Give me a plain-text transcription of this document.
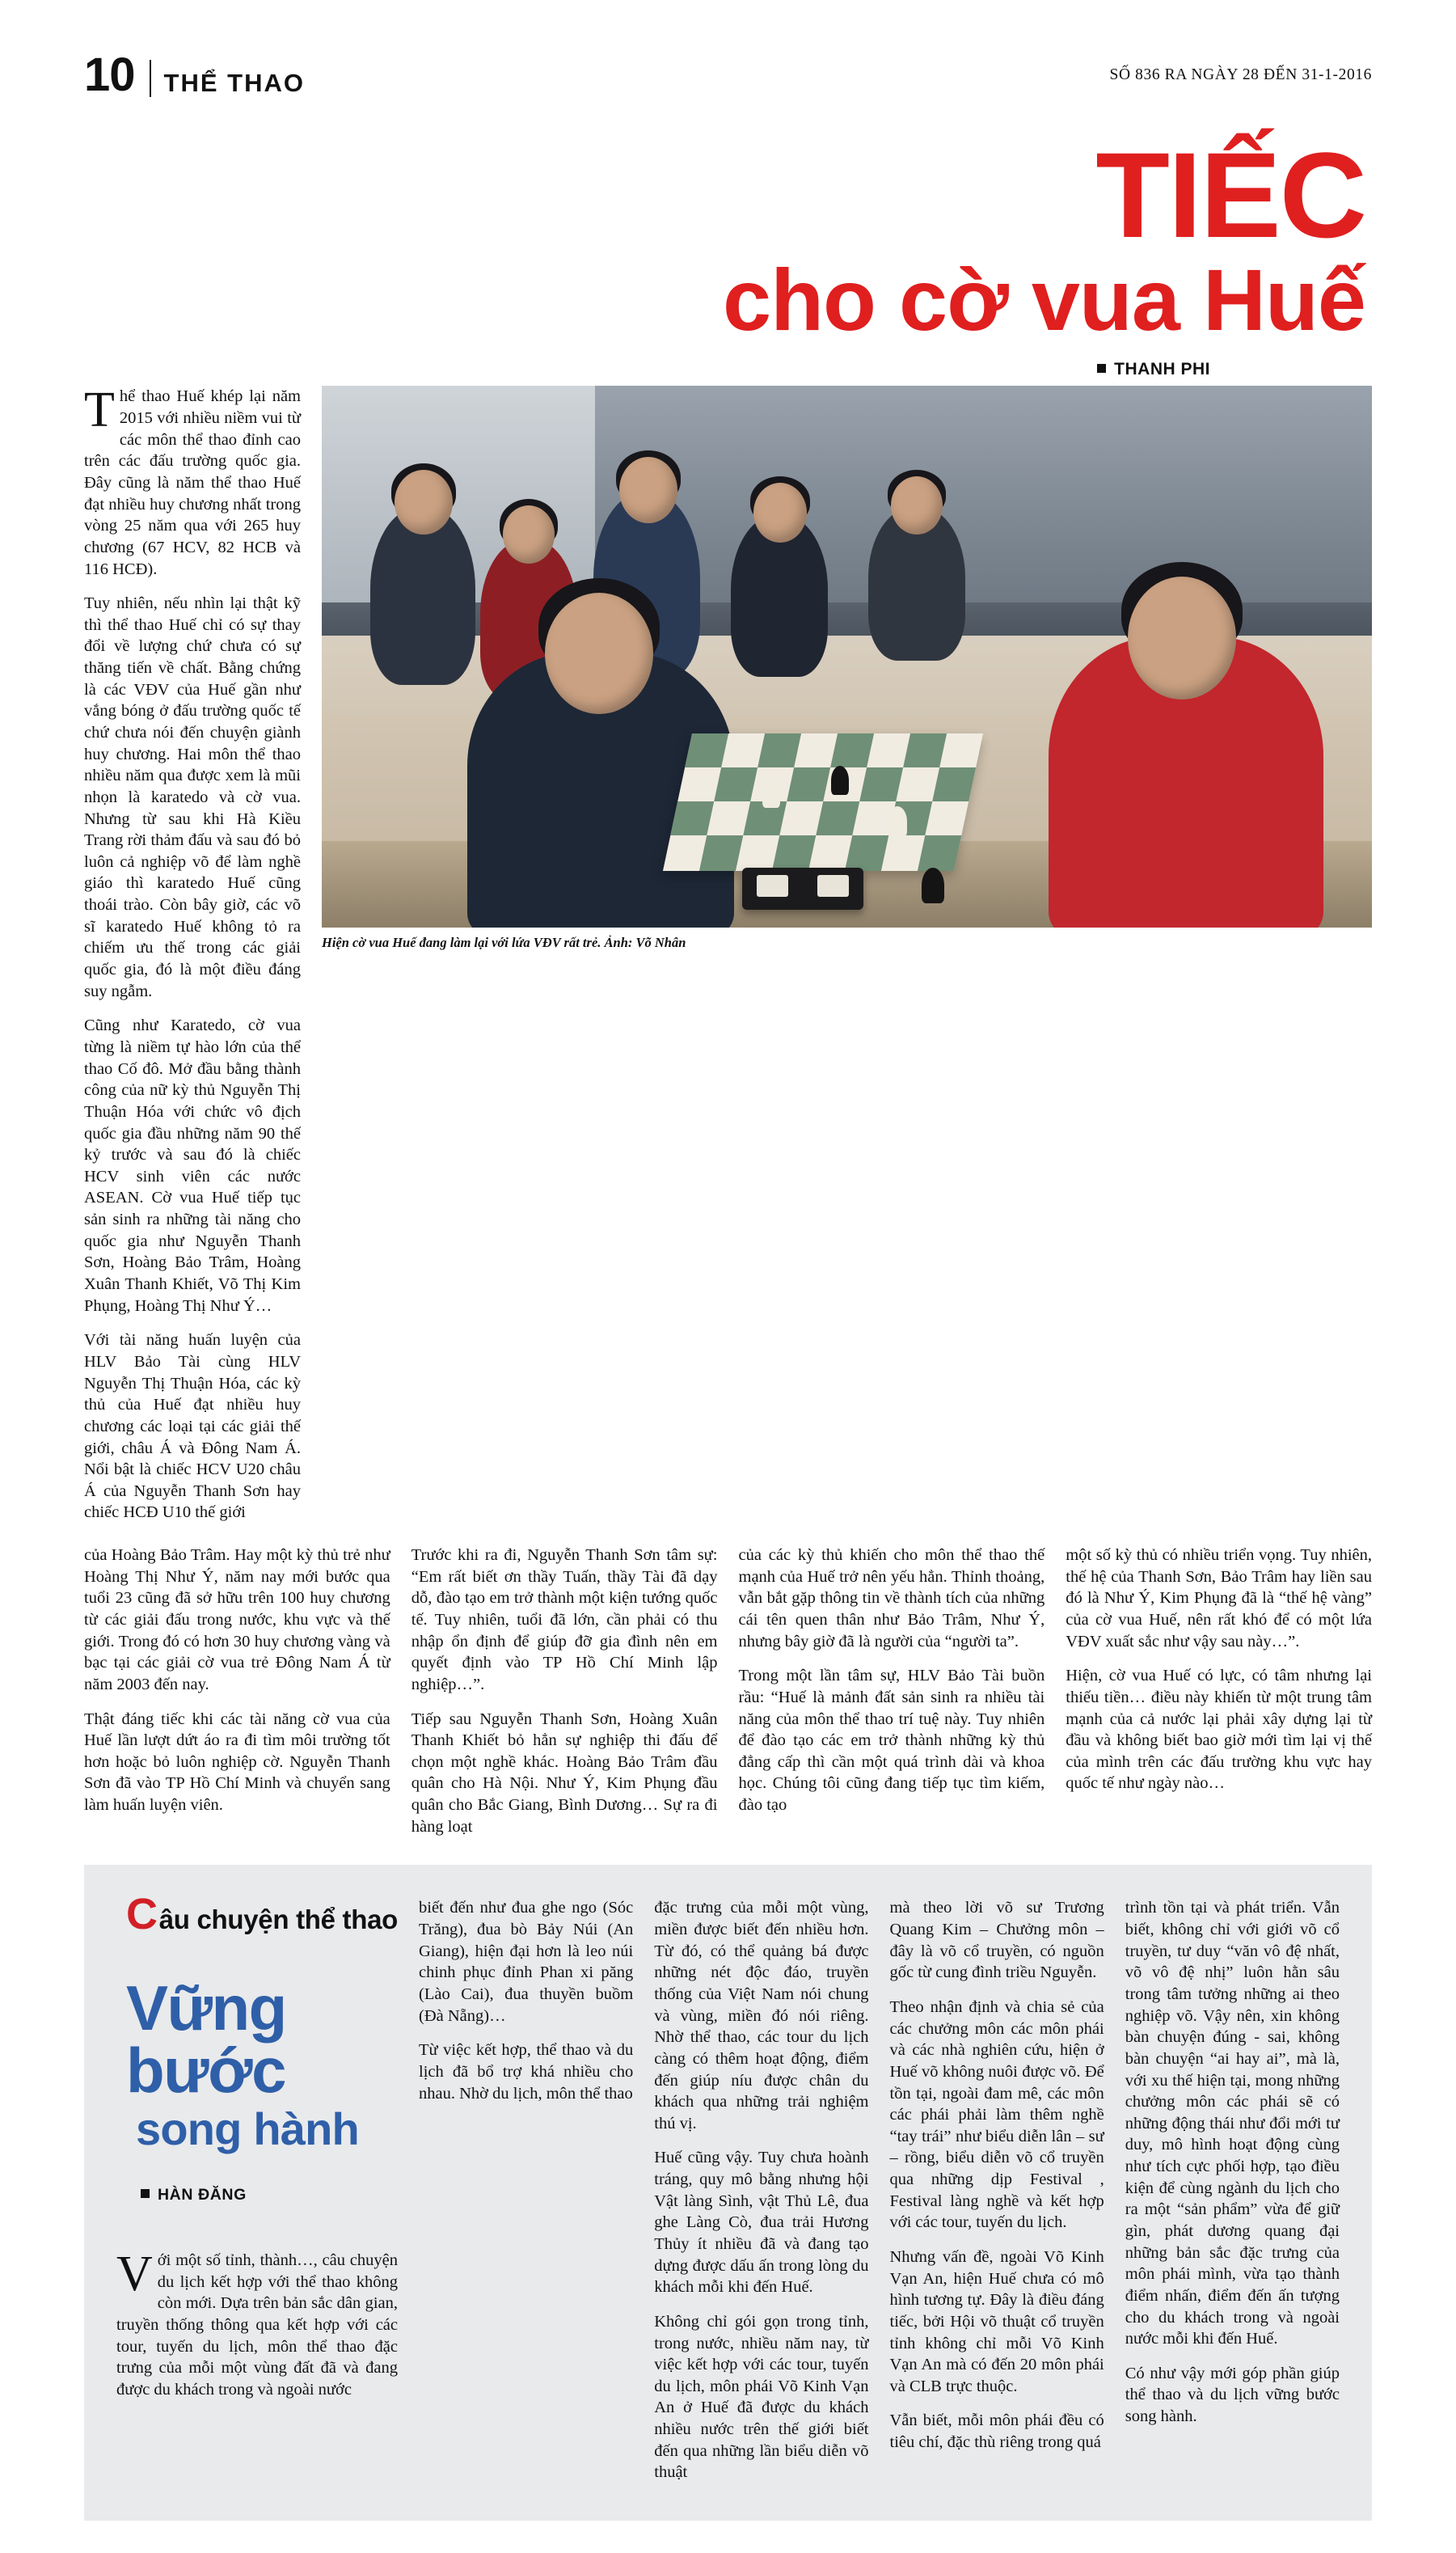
10 THỂ THAO	SỐ 836 RA NGÀY 28 ĐẾN 31-1-2016
TIẾC
cho cờ vua Huế
THANH PHI

Thể thao Huế khép lại năm 2015 với nhiều niềm vui từ các môn thể thao đỉnh cao trên các đấu trường quốc gia. Đây cũng là năm thể thao Huế đạt nhiều huy chương nhất trong vòng 25 năm qua với 265 huy chương (67 HCV, 82 HCB và 116 HCĐ).

Tuy nhiên, nếu nhìn lại thật kỹ thì thể thao Huế chỉ có sự thay đổi về lượng chứ chưa có sự thăng tiến về chất. Bằng chứng là các VĐV của Huế gần như vắng bóng ở đấu trường quốc tế chứ chưa nói đến chuyện giành huy chương. Hai môn thể thao nhiều năm qua được xem là mũi nhọn là karatedo và cờ vua. Nhưng từ sau khi Hà Kiều Trang rời thảm đấu và sau đó bỏ luôn cả nghiệp võ để làm nghề giáo thì karatedo Huế cũng thoái trào. Còn bây giờ, các võ sĩ karatedo Huế không tỏ ra chiếm ưu thế trong các giải quốc gia, đó là một điều đáng suy ngẫm.

Cũng như Karatedo, cờ vua từng là niềm tự hào lớn của thể thao Cố đô. Mở đầu bằng thành công của nữ kỳ thủ Nguyễn Thị Thuận Hóa với chức vô địch quốc gia đầu những năm 90 thế kỷ trước và sau đó là chiếc HCV sinh viên các nước ASEAN. Cờ vua Huế tiếp tục sản sinh ra những tài năng cho quốc gia như Nguyễn Thanh Sơn, Hoàng Bảo Trâm, Hoàng Xuân Thanh Khiết, Võ Thị Kim Phụng, Hoàng Thị Như Ý…

Với tài năng huấn luyện của HLV Bảo Tài cùng HLV Nguyễn Thị Thuận Hóa, các kỳ thủ của Huế đạt nhiều huy chương các loại tại các giải thế giới, châu Á và Đông Nam Á. Nổi bật là chiếc HCV U20 châu Á của Nguyễn Thanh Sơn hay chiếc HCĐ U10 thế giới

Hiện cờ vua Huế đang làm lại với lứa VĐV rất trẻ. Ảnh: Võ Nhân

của Hoàng Bảo Trâm. Hay một kỳ thủ trẻ như Hoàng Thị Như Ý, năm nay mới bước qua tuổi 23 cũng đã sở hữu trên 100 huy chương từ các giải đấu trong nước, khu vực và thế giới. Trong đó có hơn 30 huy chương vàng và bạc tại các giải cờ vua trẻ Đông Nam Á từ năm 2003 đến nay.

Thật đáng tiếc khi các tài năng cờ vua của Huế lần lượt dứt áo ra đi tìm môi trường tốt hơn hoặc bỏ luôn nghiệp cờ. Nguyễn Thanh Sơn đã vào TP Hồ Chí Minh và chuyển sang làm huấn luyện viên.

Trước khi ra đi, Nguyễn Thanh Sơn tâm sự: “Em rất biết ơn thầy Tuấn, thầy Tài đã dạy dỗ, đào tạo em trở thành một kiện tướng quốc tế. Tuy nhiên, tuổi đã lớn, cần phải có thu nhập ổn định để giúp đỡ gia đình nên em quyết định vào TP Hồ Chí Minh lập nghiệp…”.

Tiếp sau Nguyễn Thanh Sơn, Hoàng Xuân Thanh Khiết bỏ hẳn sự nghiệp thi đấu để chọn một nghề khác. Hoàng Bảo Trâm đầu quân cho Hà Nội. Như Ý, Kim Phụng đầu quân cho Bắc Giang, Bình Dương… Sự ra đi hàng loạt

của các kỳ thủ khiến cho môn thể thao thế mạnh của Huế trở nên yếu hẳn. Thỉnh thoảng, vẫn bắt gặp thông tin về thành tích của những cái tên quen thân như Bảo Trâm, Như Ý, nhưng bây giờ đã là người của “người ta”.

Trong một lần tâm sự, HLV Bảo Tài buồn rầu: “Huế là mảnh đất sản sinh ra nhiều tài năng của môn thể thao trí tuệ này. Tuy nhiên để đào tạo các em trở thành những kỳ thủ đẳng cấp thì cần một quá trình dài và khoa học. Chúng tôi cũng đang tiếp tục tìm kiếm, đào tạo

một số kỳ thủ có nhiều triển vọng. Tuy nhiên, thế hệ của Thanh Sơn, Bảo Trâm hay liền sau đó là Như Ý, Kim Phụng đã là “thế hệ vàng” của cờ vua Huế, nên rất khó để có một lứa VĐV xuất sắc như vậy sau này…”.

Hiện, cờ vua Huế có lực, có tâm nhưng lại thiếu tiền… điều này khiến từ một trung tâm mạnh của cả nước lại phải xây dựng lại từ đầu và không biết bao giờ mới tìm lại vị thế của mình trên các đấu trường khu vực hay quốc tế như ngày nào…

C âu chuyện thể thao
Vững bước
song hành
HÀN ĐĂNG

Với một số tỉnh, thành…, câu chuyện du lịch kết hợp với thể thao không còn mới. Dựa trên bản sắc dân gian, truyền thống thông qua kết hợp với các tour, tuyến du lịch, môn thể thao đặc trưng của mỗi một vùng đất đã và đang được du khách trong và ngoài nước

biết đến như đua ghe ngo (Sóc Trăng), đua bò Bảy Núi (An Giang), hiện đại hơn là leo núi chinh phục đỉnh Phan xi păng (Lào Cai), đua thuyền buồm (Đà Nẵng)…

Từ việc kết hợp, thể thao và du lịch đã bổ trợ khá nhiều cho nhau. Nhờ du lịch, môn thể thao

đặc trưng của mỗi một vùng, miền được biết đến nhiều hơn. Từ đó, có thể quảng bá được những nét độc đáo, truyền thống của Việt Nam nói chung và vùng, miền đó nói riêng. Nhờ thể thao, các tour du lịch càng có thêm hoạt động, điểm đến giúp níu được chân du khách qua những trải nghiệm thú vị.

Huế cũng vậy. Tuy chưa hoành tráng, quy mô bằng nhưng hội Vật làng Sình, vật Thủ Lê, đua ghe Làng Cò, đua trải Hương Thủy ít nhiều đã và đang tạo dựng được dấu ấn trong lòng du khách mỗi khi đến Huế.

Không chỉ gói gọn trong tỉnh, trong nước, nhiều năm nay, từ việc kết hợp với các tour, tuyến du lịch, môn phái Võ Kinh Vạn An ở Huế đã được du khách nhiều nước trên thế giới biết đến qua những lần biểu diễn võ thuật

mà theo lời võ sư Trương Quang Kim – Chưởng môn – đây là võ cổ truyền, có nguồn gốc từ cung đình triều Nguyễn.

Theo nhận định và chia sẻ của các chưởng môn các môn phái và các nhà nghiên cứu, hiện ở Huế võ không nuôi được võ. Để tồn tại, ngoài đam mê, các môn các phái phải làm thêm nghề “tay trái” như biểu diễn lân – sư – rồng, biểu diễn võ cổ truyền qua những dịp Festival , Festival làng nghề và kết hợp với các tour, tuyến du lịch.

Nhưng vấn đề, ngoài Võ Kinh Vạn An, hiện Huế chưa có mô hình tương tự. Đây là điều đáng tiếc, bởi Hội võ thuật cổ truyền tỉnh không chỉ mỗi Võ Kinh Vạn An mà có đến 20 môn phái và CLB trực thuộc.

Vẫn biết, mỗi môn phái đều có tiêu chí, đặc thù riêng trong quá

trình tồn tại và phát triển. Vẫn biết, không chỉ với giới võ cổ truyền, tư duy “văn vô đệ nhất, võ vô đệ nhị” luôn hằn sâu trong tâm tưởng những ai theo nghiệp võ. Vậy nên, xin không bàn chuyện đúng - sai, không bàn chuyện “ai hay ai”, mà là, với xu thế hiện tại, mong những chưởng môn các phái sẽ có những động thái như đổi mới tư duy, mô hình hoạt động cùng như tích cực phối hợp, tạo điều kiện để cùng ngành du lịch cho ra một “sản phẩm” vừa để giữ gìn, phát dương quang đại những bản sắc đặc trưng của môn phái mình, vừa tạo thành điểm nhấn, điểm đến ấn tượng cho du khách trong và ngoài nước mỗi khi đến Huế.

Có như vậy mới góp phần giúp thể thao và du lịch vững bước song hành.
